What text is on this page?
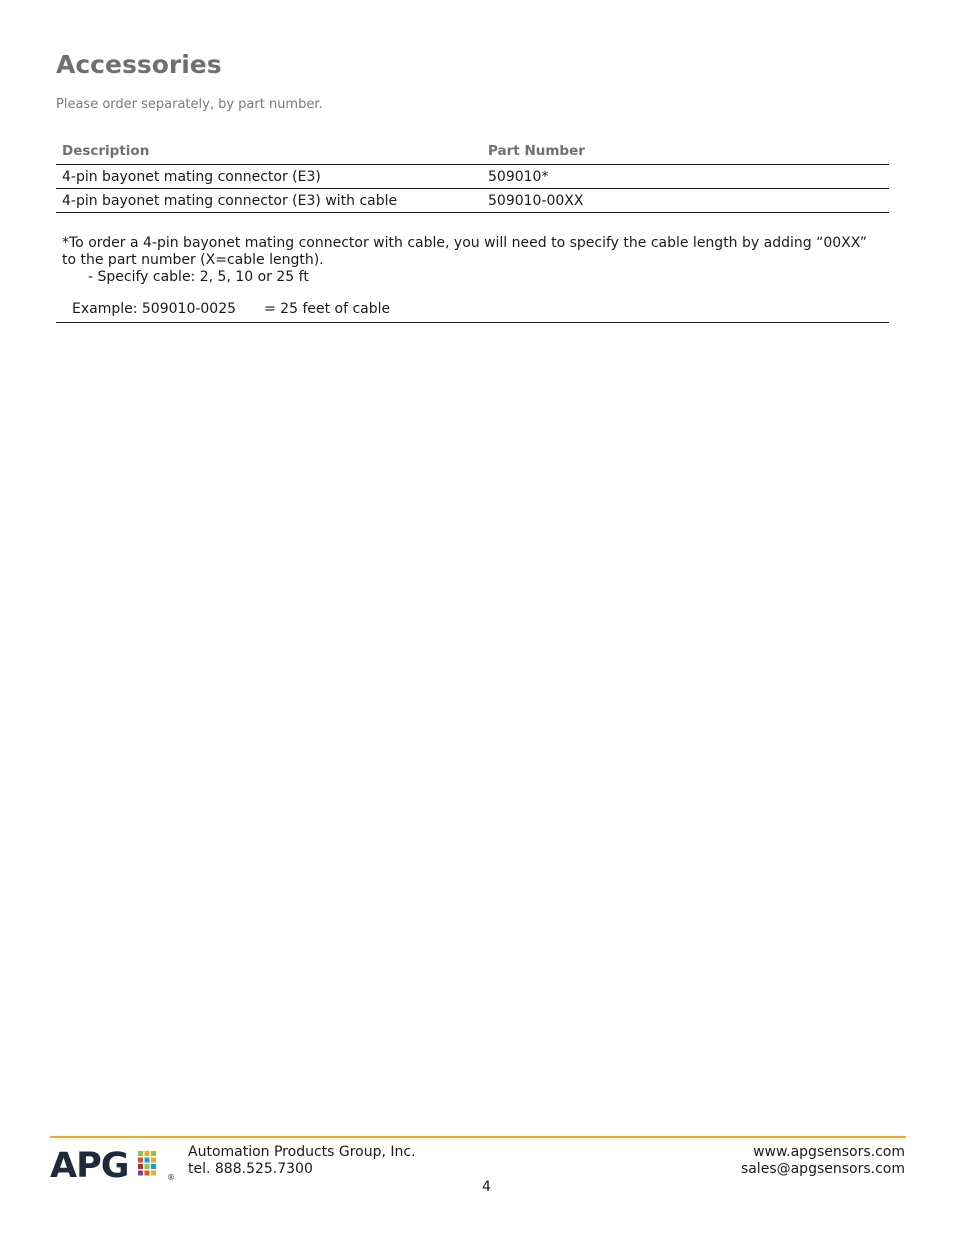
Accessories
Please order separately, by part number.
Description	Part Number
4-pin bayonet mating connector (E3)	509010*
4-pin bayonet mating connector (E3) with cable	509010-00XX
*To order a 4-pin bayonet mating connector with cable, you will need to specify the cable length by adding “00XX” to the part number (X=cable length).
- Specify cable: 2, 5, 10 or 25 ft
Example: 509010-0025 = 25 feet of cable
APG	®
Automation Products Group, Inc.
tel. 888.525.7300
www.apgsensors.com
sales@apgsensors.com
4
